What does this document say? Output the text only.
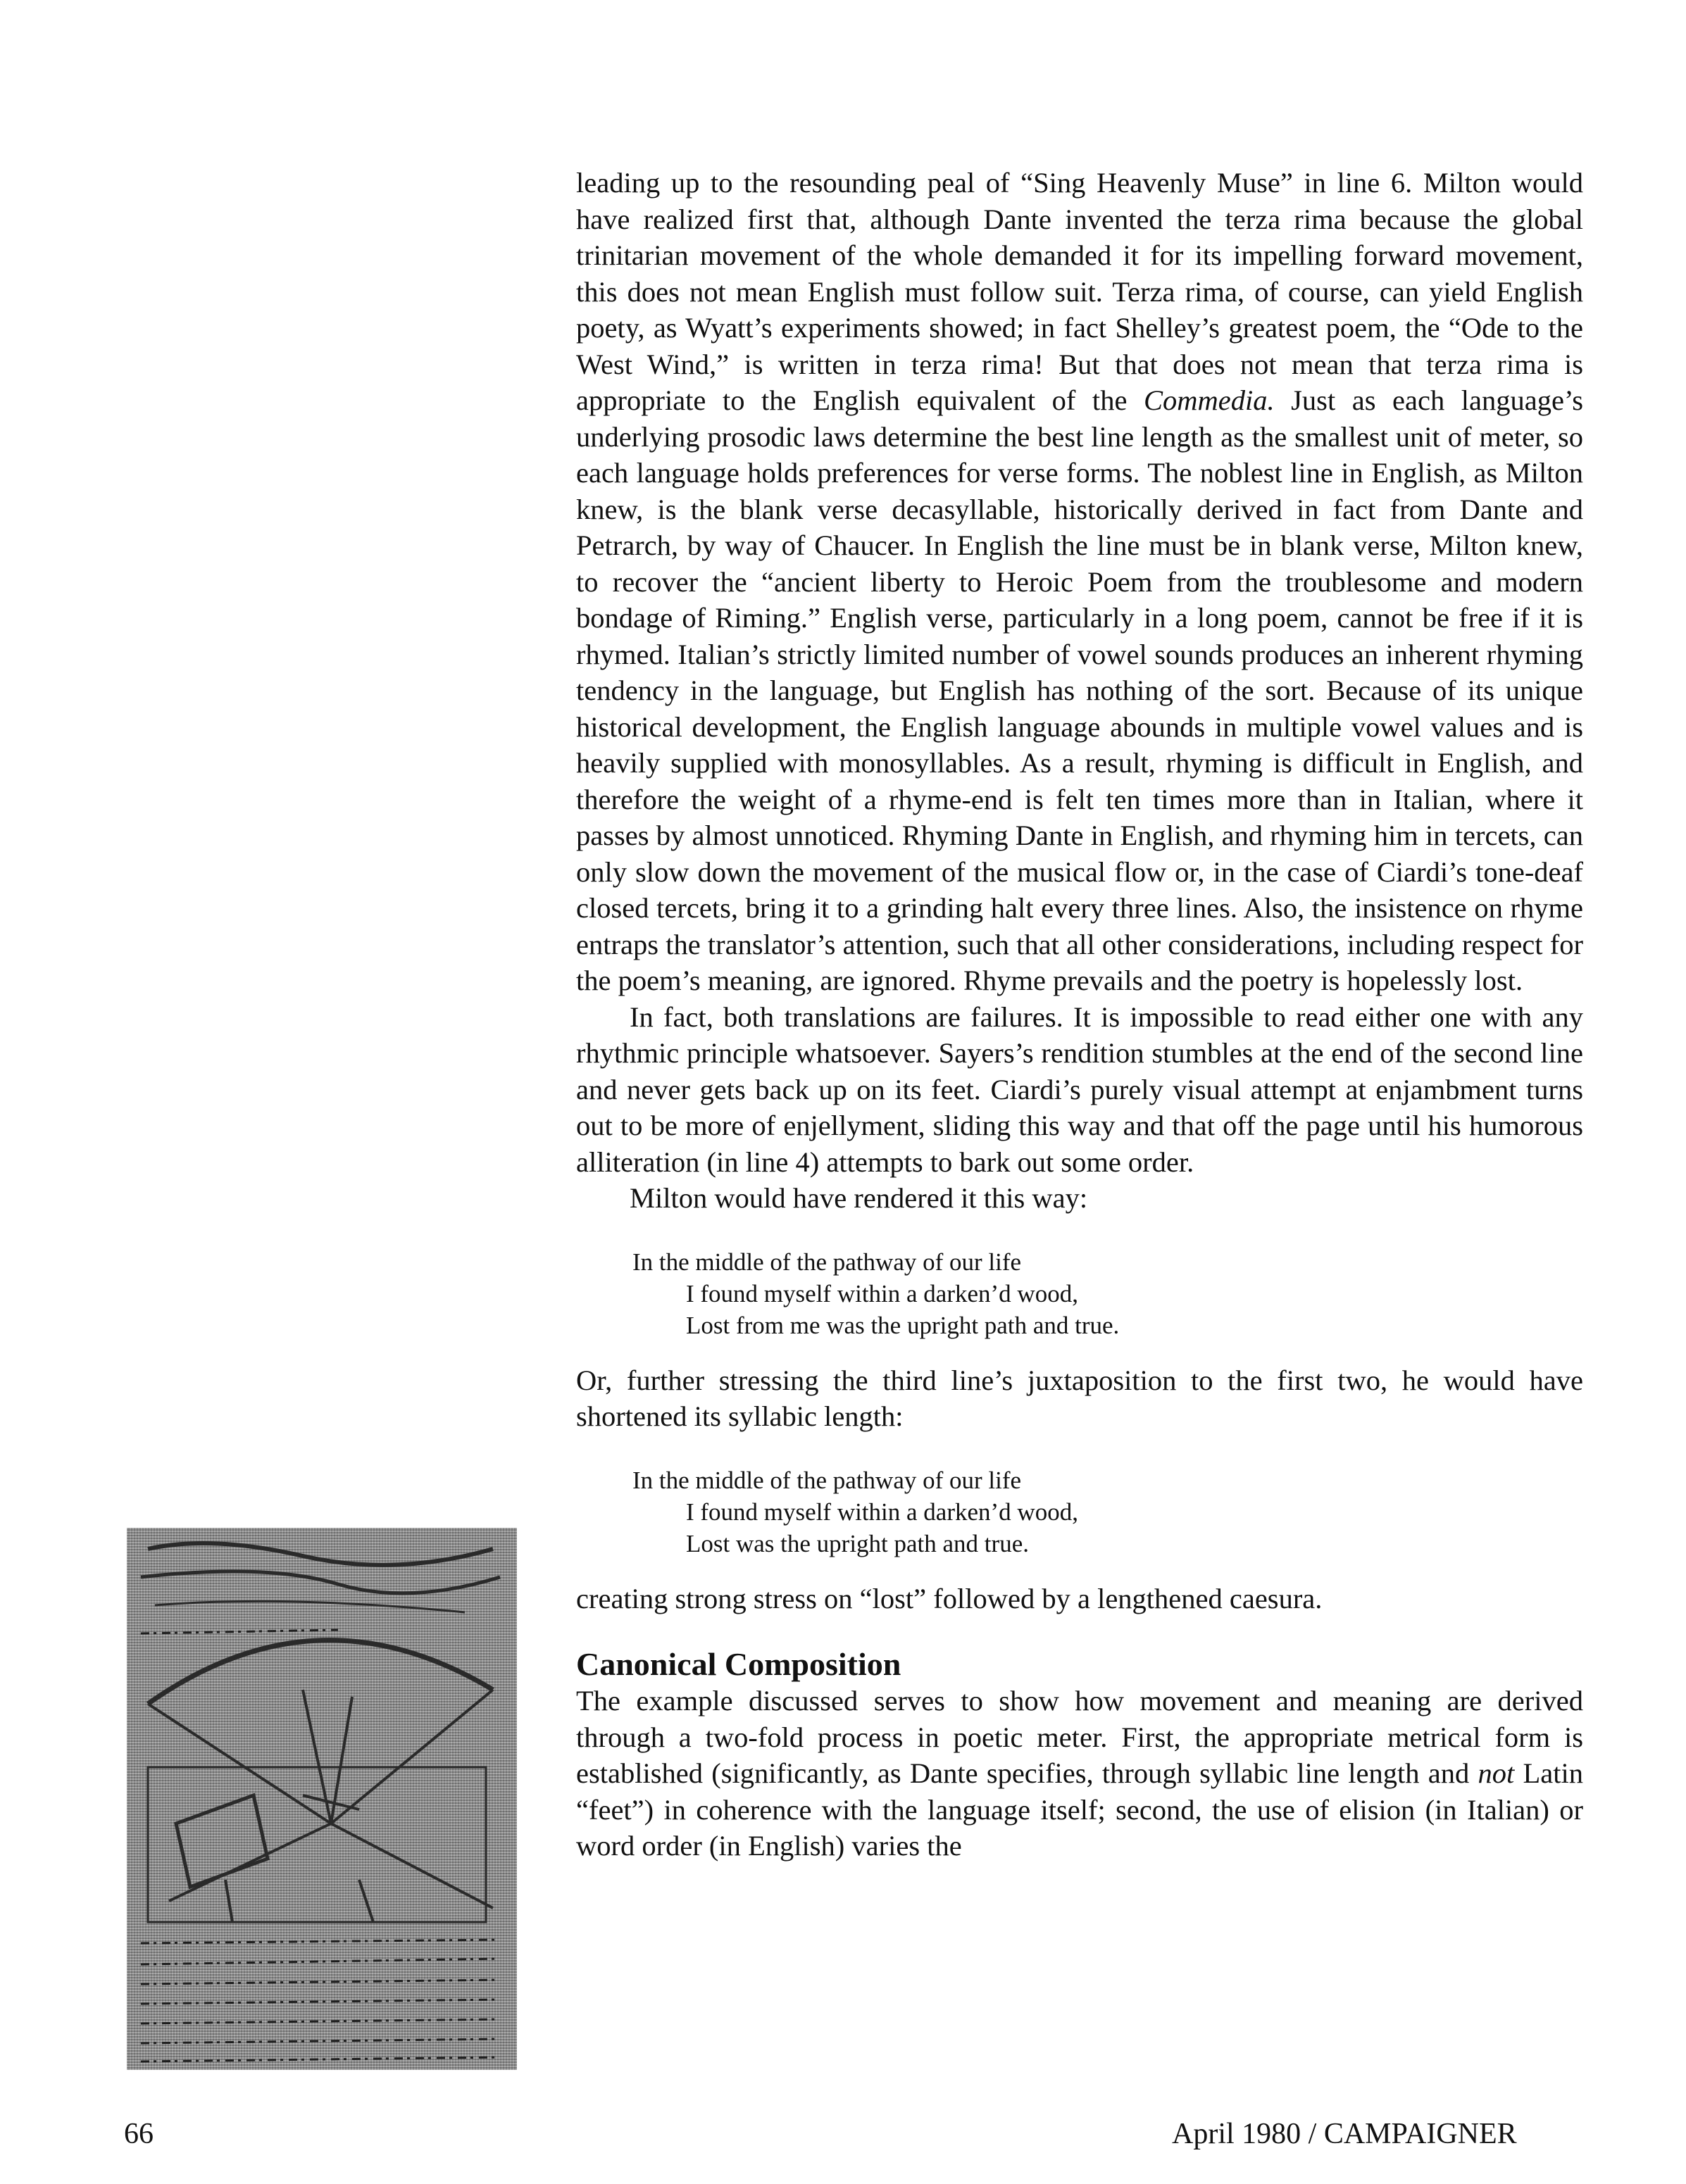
leading up to the resounding peal of “Sing Heavenly Muse” in line 6. Milton would have realized first that, although Dante invented the terza rima because the global trinitarian movement of the whole demanded it for its impelling forward movement, this does not mean English must follow suit. Terza rima, of course, can yield English poety, as Wyatt’s experiments showed; in fact Shelley’s greatest poem, the “Ode to the West Wind,” is written in terza rima! But that does not mean that terza rima is appropriate to the English equivalent of the Commedia. Just as each language’s underlying prosodic laws determine the best line length as the smallest unit of meter, so each language holds preferences for verse forms. The noblest line in English, as Milton knew, is the blank verse decasyllable, historically derived in fact from Dante and Petrarch, by way of Chaucer. In English the line must be in blank verse, Milton knew, to recover the “ancient liberty to Heroic Poem from the troublesome and modern bondage of Riming.” English verse, particularly in a long poem, cannot be free if it is rhymed. Italian’s strictly limited number of vowel sounds produces an inherent rhyming tendency in the language, but English has nothing of the sort. Because of its unique historical development, the English language abounds in multiple vowel values and is heavily supplied with monosyllables. As a result, rhyming is difficult in English, and therefore the weight of a rhyme-end is felt ten times more than in Italian, where it passes by almost unnoticed. Rhyming Dante in English, and rhyming him in tercets, can only slow down the movement of the musical flow or, in the case of Ciardi’s tone-deaf closed tercets, bring it to a grinding halt every three lines. Also, the insistence on rhyme entraps the translator’s attention, such that all other considerations, including respect for the poem’s meaning, are ignored. Rhyme prevails and the poetry is hopelessly lost.

In fact, both translations are failures. It is impossible to read either one with any rhythmic principle whatsoever. Sayers’s rendition stumbles at the end of the second line and never gets back up on its feet. Ciardi’s purely visual attempt at enjambment turns out to be more of enjellyment, sliding this way and that off the page until his humorous alliteration (in line 4) attempts to bark out some order.

Milton would have rendered it this way:

In the middle of the pathway of our life
I found myself within a darken’d wood,
Lost from me was the upright path and true.

Or, further stressing the third line’s juxtaposition to the first two, he would have shortened its syllabic length:

In the middle of the pathway of our life
I found myself within a darken’d wood,
Lost was the upright path and true.

creating strong stress on “lost” followed by a lengthened caesura.

Canonical Composition

The example discussed serves to show how movement and meaning are derived through a two-fold process in poetic meter. First, the appropriate metrical form is established (significantly, as Dante specifies, through syllabic line length and not Latin “feet”) in coherence with the language itself; second, the use of elision (in Italian) or word order (in English) varies the

66	April 1980 / CAMPAIGNER
